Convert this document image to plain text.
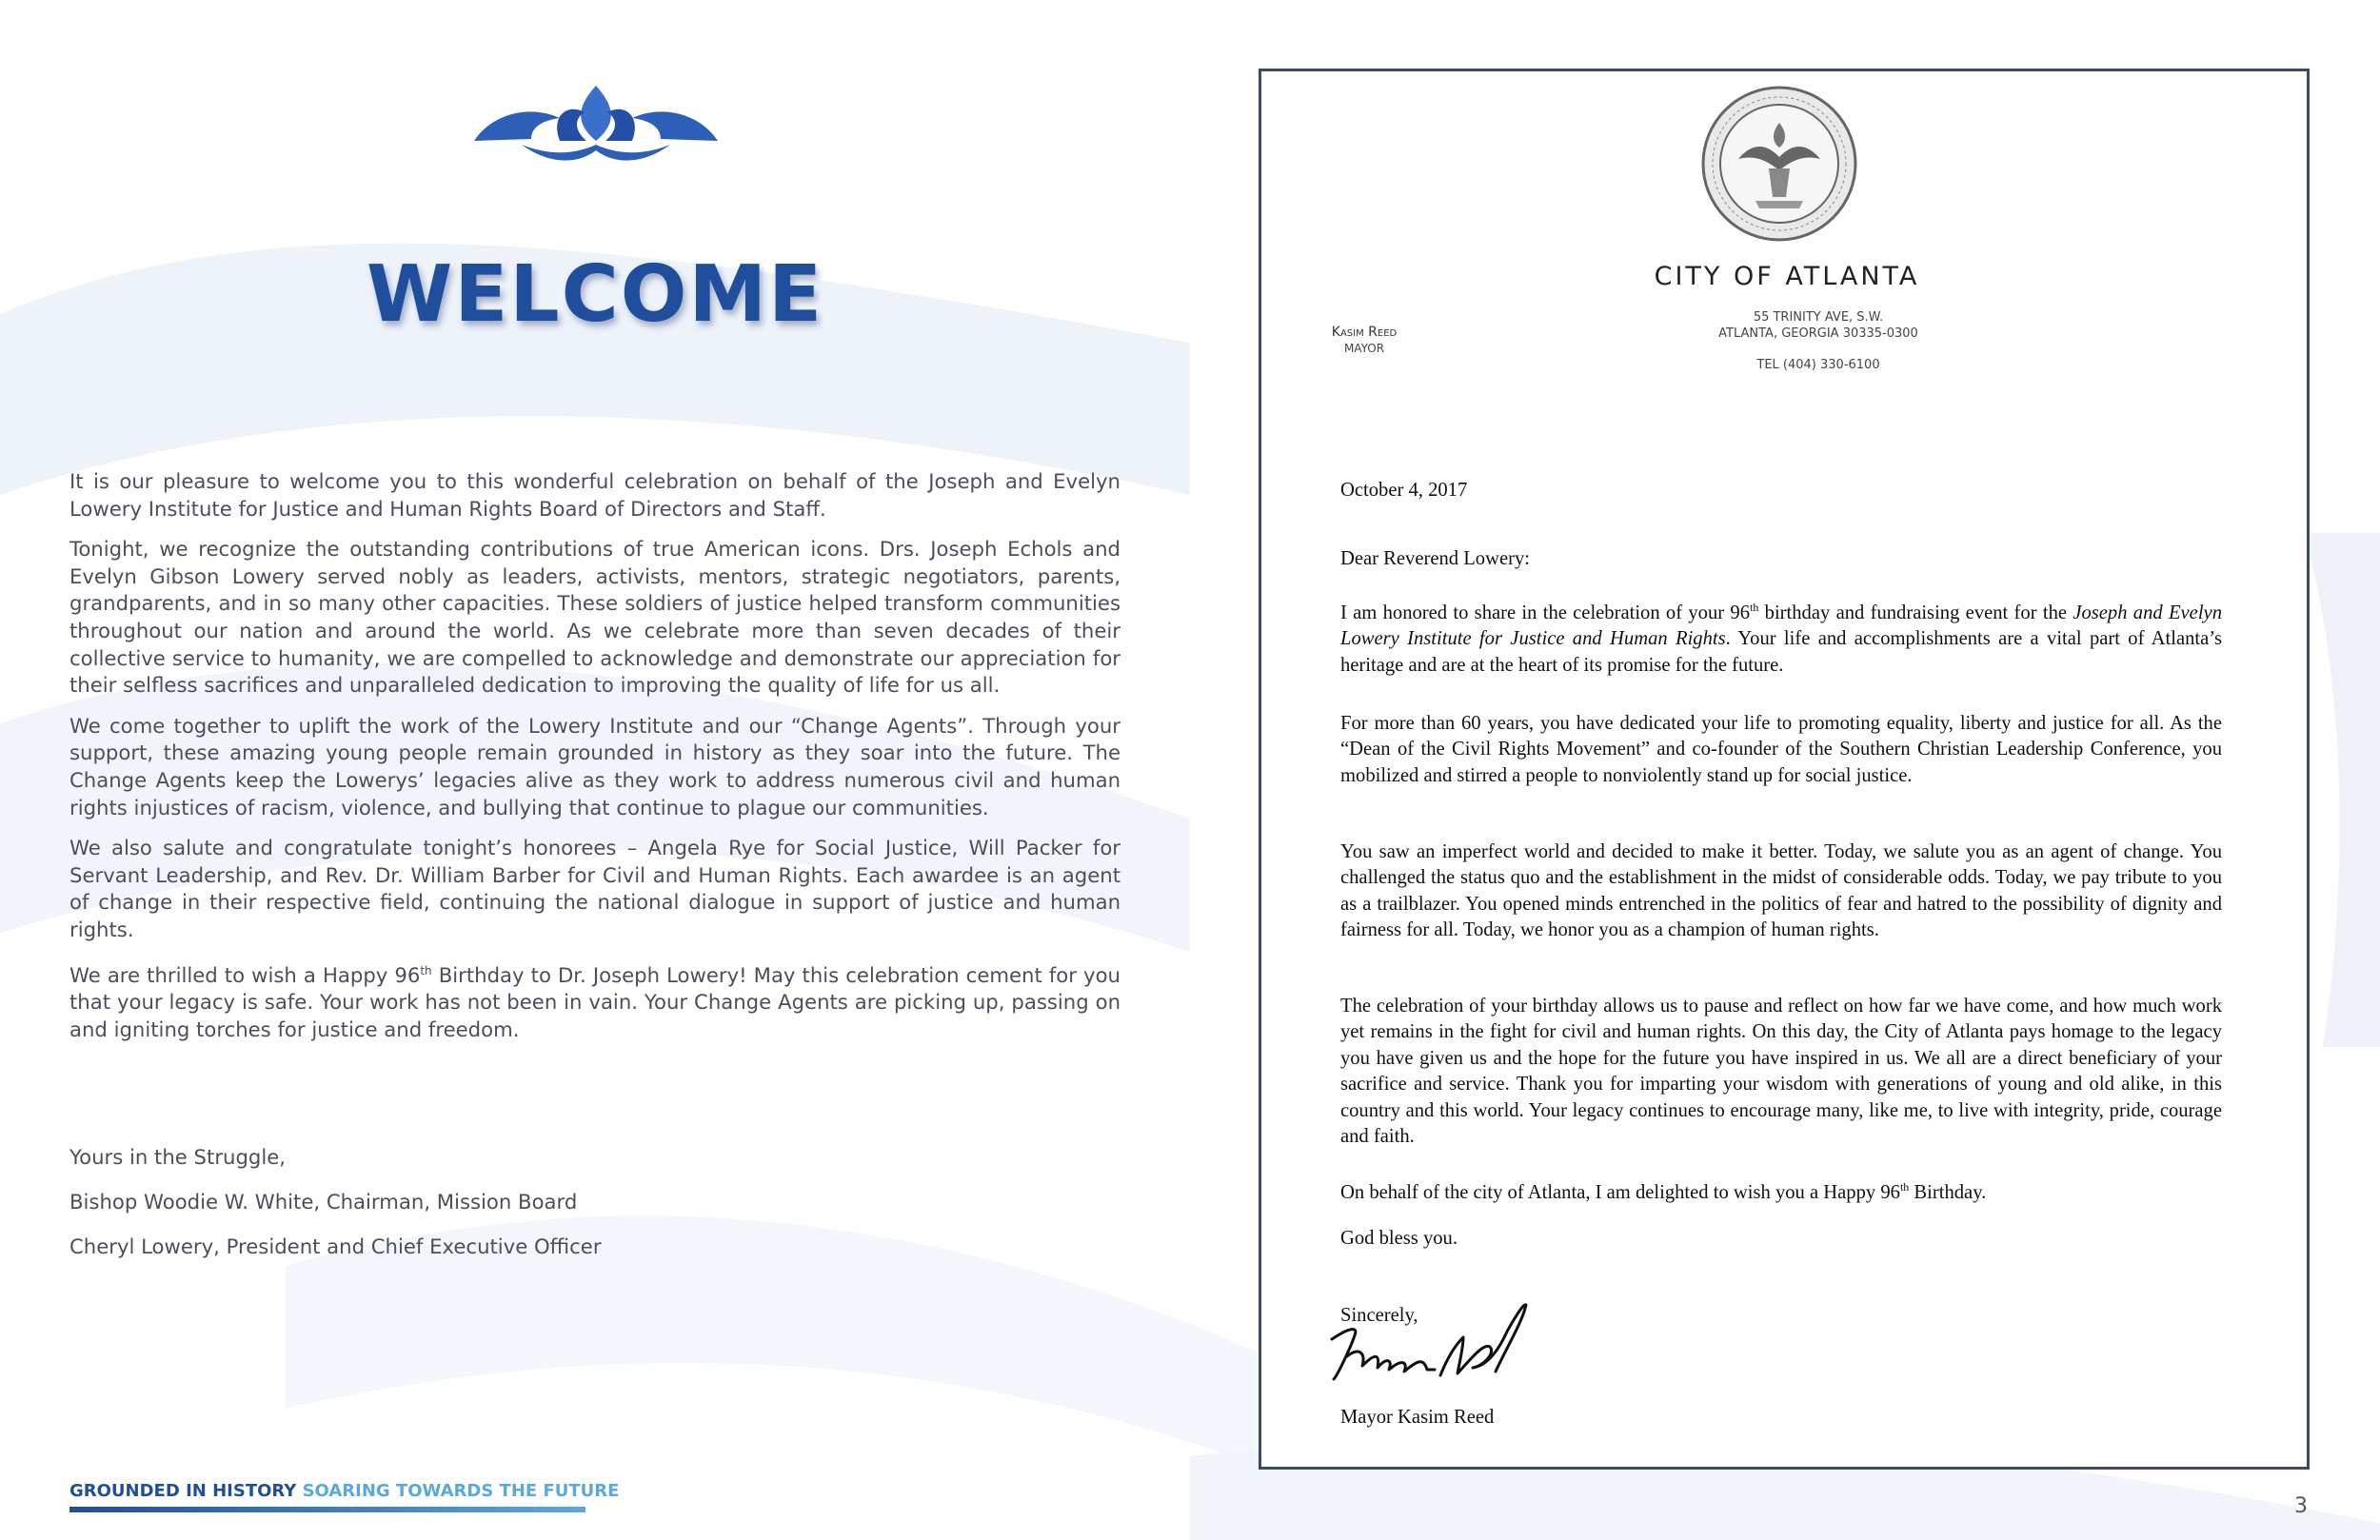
WELCOME

It is our pleasure to welcome you to this wonderful celebration on behalf of the Joseph and Evelyn Lowery Institute for Justice and Human Rights Board of Directors and Staff.

Tonight, we recognize the outstanding contributions of true American icons. Drs. Joseph Echols and Evelyn Gibson Lowery served nobly as leaders, activists, mentors, strategic negotiators, parents, grandparents, and in so many other capacities. These soldiers of justice helped transform communities throughout our nation and around the world. As we celebrate more than seven decades of their collective service to humanity, we are compelled to acknowledge and demonstrate our appreciation for their selfless sacrifices and unparalleled dedication to improving the quality of life for us all.

We come together to uplift the work of the Lowery Institute and our “Change Agents”. Through your support, these amazing young people remain grounded in history as they soar into the future. The Change Agents keep the Lowerys’ legacies alive as they work to address numerous civil and human rights injustices of racism, violence, and bullying that continue to plague our communities.

We also salute and congratulate tonight’s honorees – Angela Rye for Social Justice, Will Packer for Servant Leadership, and Rev. Dr. William Barber for Civil and Human Rights. Each awardee is an agent of change in their respective field, continuing the national dialogue in support of justice and human rights.

We are thrilled to wish a Happy 96th Birthday to Dr. Joseph Lowery! May this celebration cement for you that your legacy is safe. Your work has not been in vain. Your Change Agents are picking up, passing on and igniting torches for justice and freedom.

Yours in the Struggle,
Bishop Woodie W. White, Chairman, Mission Board
Cheryl Lowery, President and Chief Executive Officer
GROUNDED IN HISTORY SOARING TOWARDS THE FUTURE
CITY OF ATLANTA
Kasim Reed
MAYOR
55 TRINITY AVE, S.W.
ATLANTA, GEORGIA 30335-0300
TEL (404) 330-6100
October 4, 2017
Dear Reverend Lowery:
I am honored to share in the celebration of your 96th birthday and fundraising event for the Joseph and Evelyn Lowery Institute for Justice and Human Rights. Your life and accomplishments are a vital part of Atlanta’s heritage and are at the heart of its promise for the future.
For more than 60 years, you have dedicated your life to promoting equality, liberty and justice for all. As the “Dean of the Civil Rights Movement” and co-founder of the Southern Christian Leadership Conference, you mobilized and stirred a people to nonviolently stand up for social justice.
You saw an imperfect world and decided to make it better. Today, we salute you as an agent of change. You challenged the status quo and the establishment in the midst of considerable odds. Today, we pay tribute to you as a trailblazer. You opened minds entrenched in the politics of fear and hatred to the possibility of dignity and fairness for all. Today, we honor you as a champion of human rights.
The celebration of your birthday allows us to pause and reflect on how far we have come, and how much work yet remains in the fight for civil and human rights. On this day, the City of Atlanta pays homage to the legacy you have given us and the hope for the future you have inspired in us. We all are a direct beneficiary of your sacrifice and service. Thank you for imparting your wisdom with generations of young and old alike, in this country and this world. Your legacy continues to encourage many, like me, to live with integrity, pride, courage and faith.
On behalf of the city of Atlanta, I am delighted to wish you a Happy 96th Birthday.
God bless you.
Sincerely,
Mayor Kasim Reed
3
